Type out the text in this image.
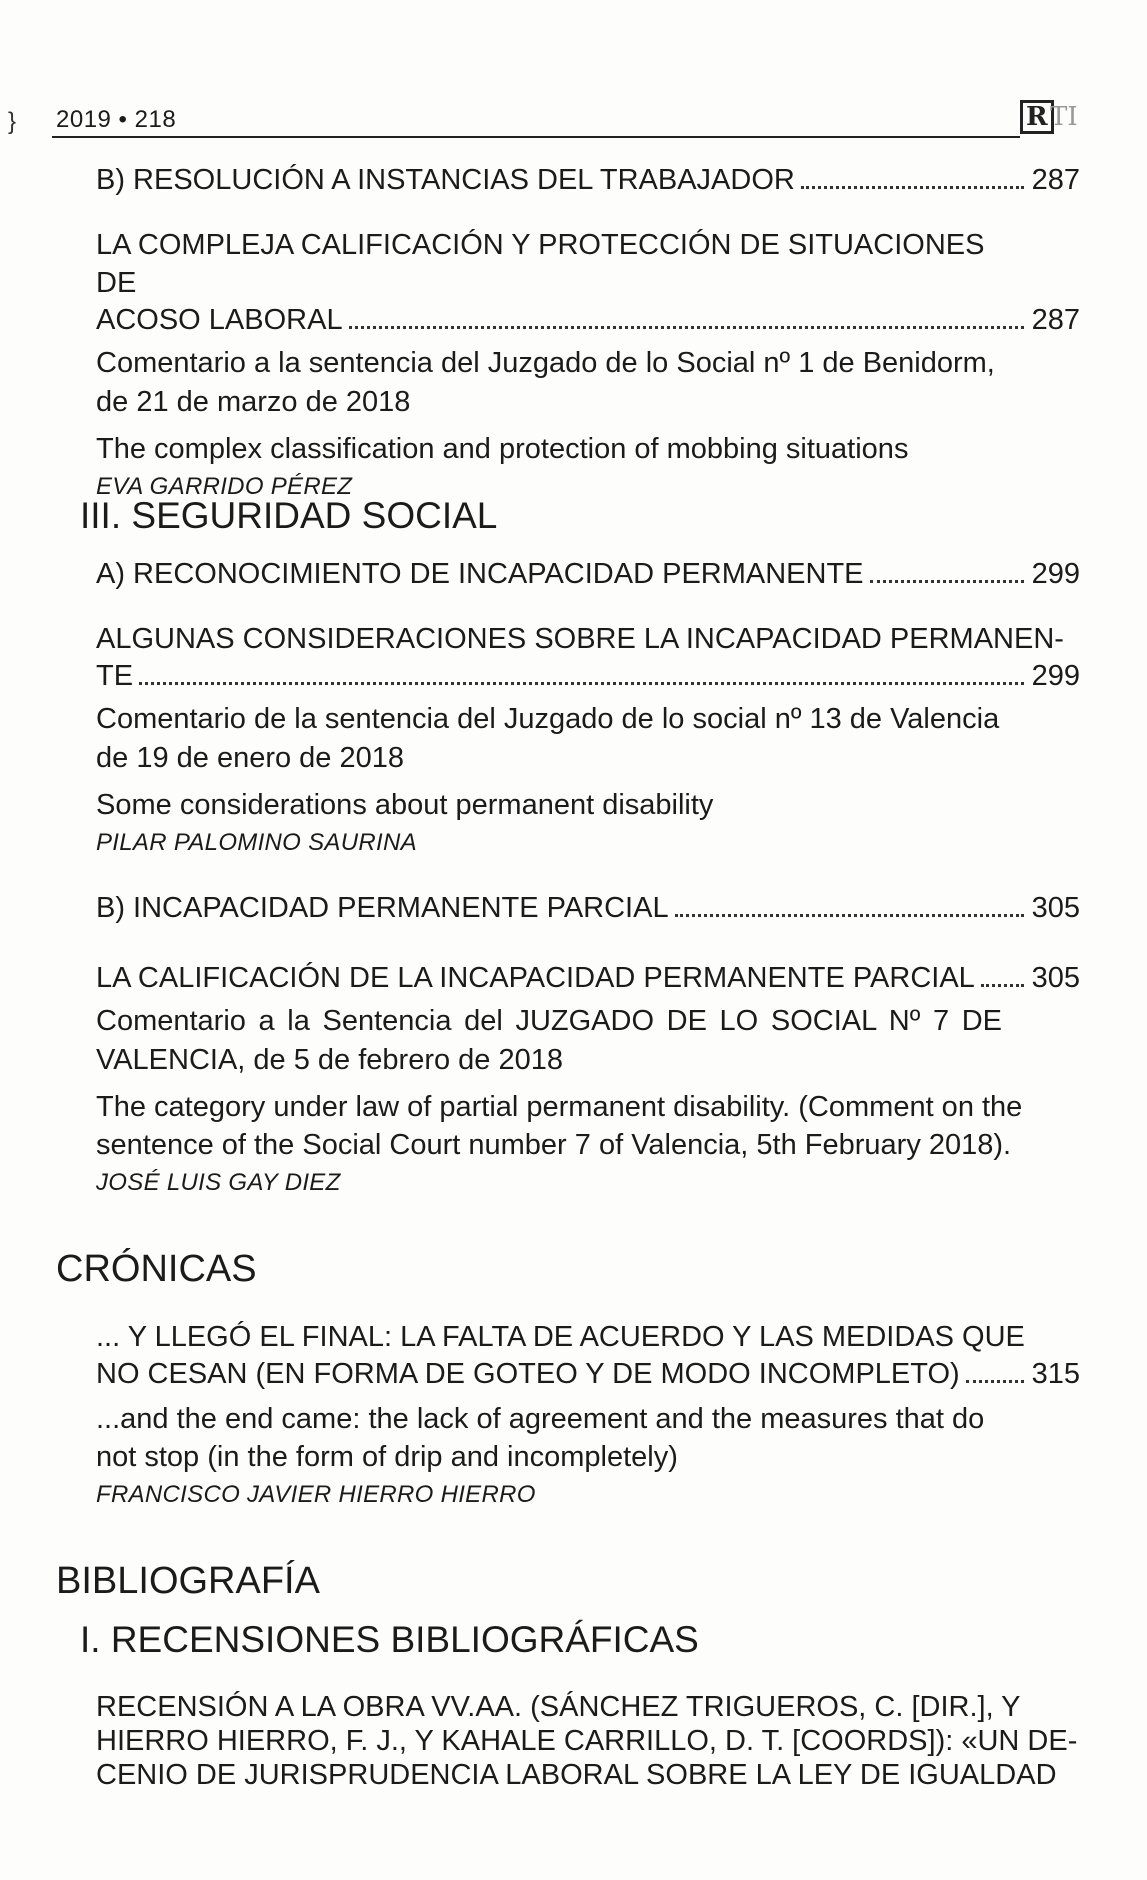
} 2019 • 218	R TI
B) RESOLUCIÓN A INSTANCIAS DEL TRABAJADOR	287
LA COMPLEJA CALIFICACIÓN Y PROTECCIÓN DE SITUACIONES DE
ACOSO LABORAL	287
Comentario a la sentencia del Juzgado de lo Social nº 1 de Benidorm, de 21 de marzo de 2018
The complex classification and protection of mobbing situations
EVA GARRIDO PÉREZ
III. SEGURIDAD SOCIAL
A) RECONOCIMIENTO DE INCAPACIDAD PERMANENTE	299
ALGUNAS CONSIDERACIONES SOBRE LA INCAPACIDAD PERMANEN-
TE	299
Comentario de la sentencia del Juzgado de lo social nº 13 de Valencia de 19 de enero de 2018
Some considerations about permanent disability
PILAR PALOMINO SAURINA
B) INCAPACIDAD PERMANENTE PARCIAL	305
LA CALIFICACIÓN DE LA INCAPACIDAD PERMANENTE PARCIAL 305
Comentario a la Sentencia del JUZGADO DE LO SOCIAL Nº 7 DE VALENCIA, de 5 de febrero de 2018
The category under law of partial permanent disability. (Comment on the sentence of the Social Court number 7 of Valencia, 5th February 2018).
JOSÉ LUIS GAY DIEZ
CRÓNICAS
... Y LLEGÓ EL FINAL: LA FALTA DE ACUERDO Y LAS MEDIDAS QUE
NO CESAN (EN FORMA DE GOTEO Y DE MODO INCOMPLETO) 315
...and the end came: the lack of agreement and the measures that do not stop (in the form of drip and incompletely)
FRANCISCO JAVIER HIERRO HIERRO
BIBLIOGRAFÍA
I. RECENSIONES BIBLIOGRÁFICAS
RECENSIÓN A LA OBRA VV.AA. (SÁNCHEZ TRIGUEROS, C. [DIR.], Y
HIERRO HIERRO, F. J., Y KAHALE CARRILLO, D. T. [COORDS]): «UN DE-
CENIO DE JURISPRUDENCIA LABORAL SOBRE LA LEY DE IGUALDAD
